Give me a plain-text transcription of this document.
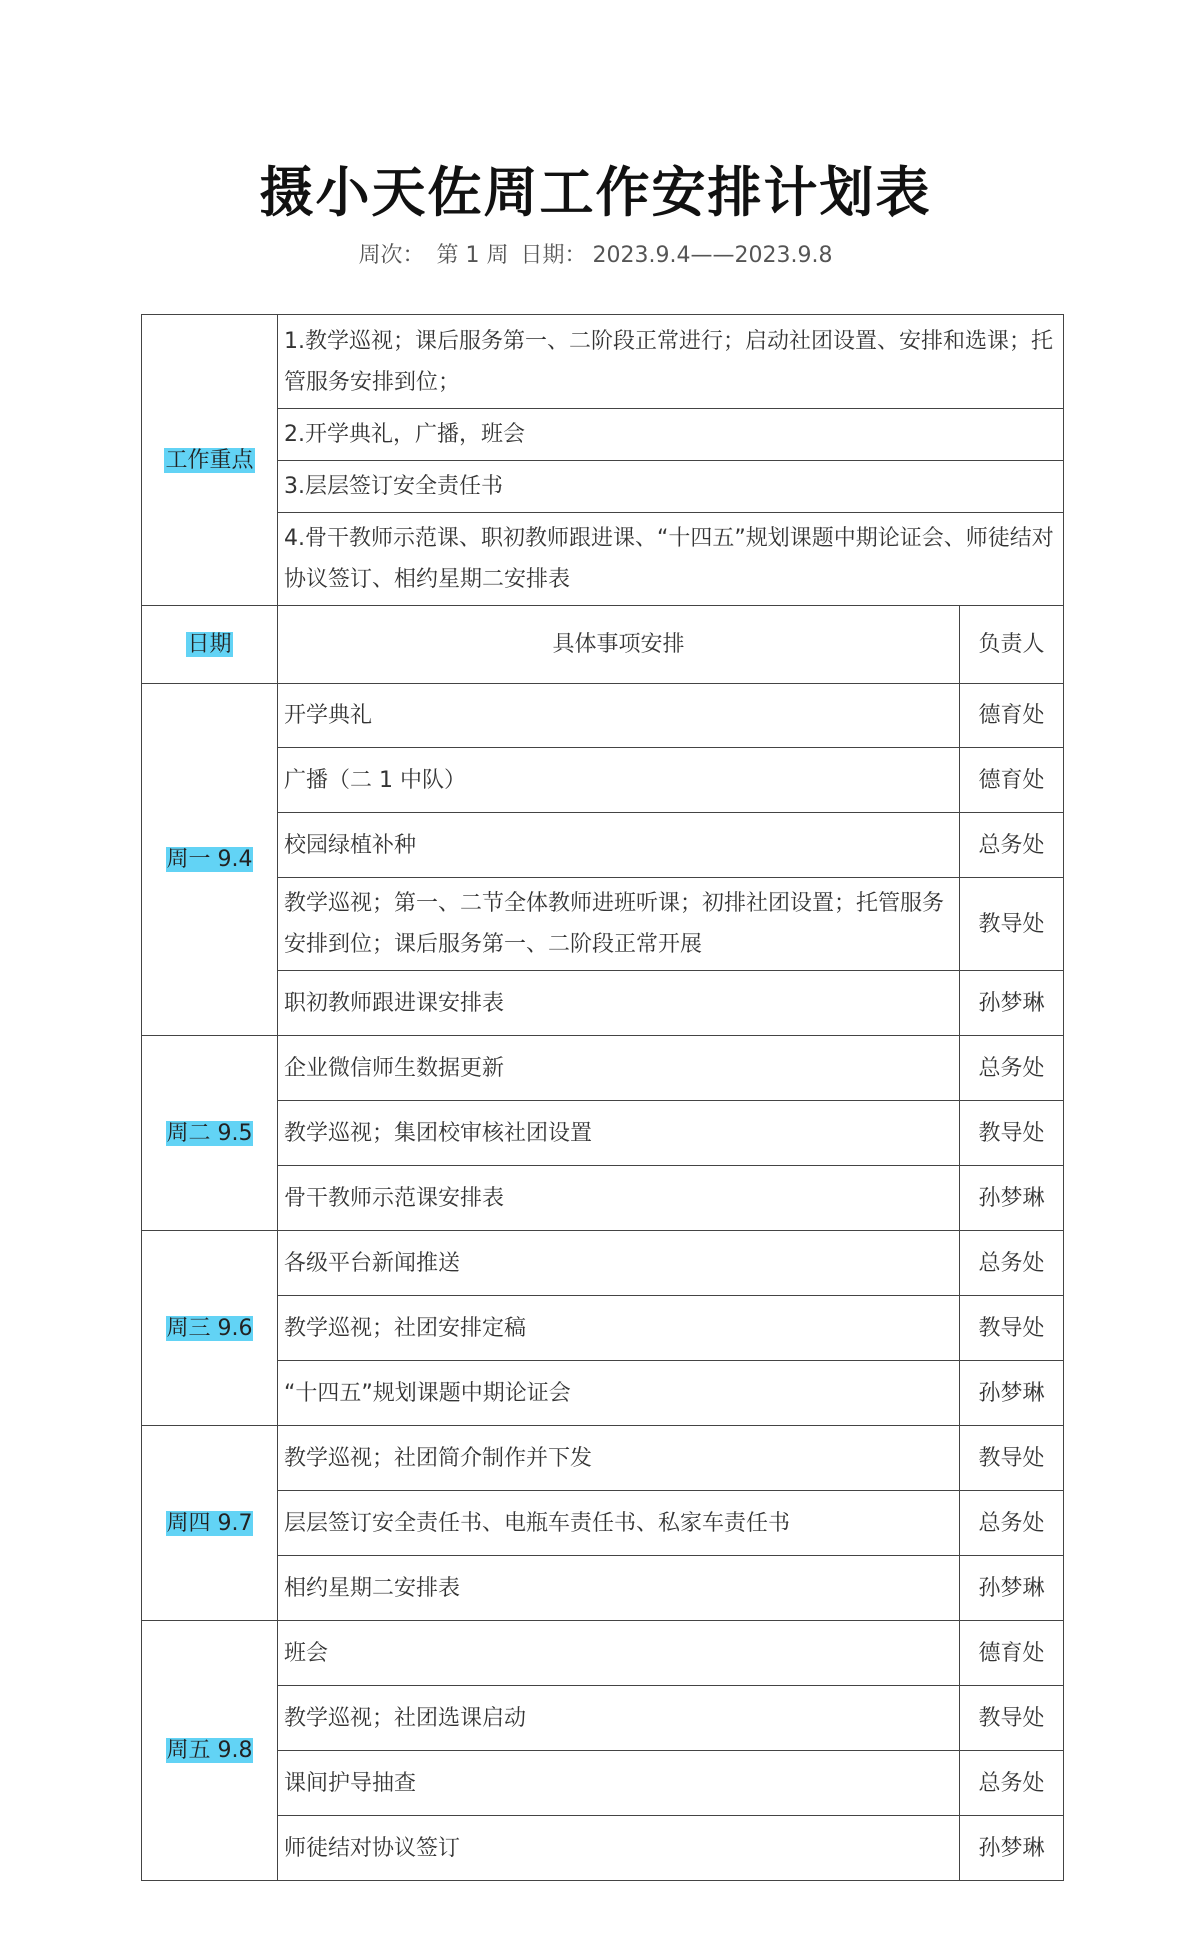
摄小天佐周工作安排计划表
周次： 第 1 周 日期： 2023.9.4——2023.9.8
工作重点	1.教学巡视；课后服务第一、二阶段正常进行；启动社团设置、安排和选课；托管服务安排到位；	
	2.开学典礼，广播，班会	
	3.层层签订安全责任书	
	4.骨干教师示范课、职初教师跟进课、“十四五”规划课题中期论证会、师徒结对协议签订、相约星期二安排表	
日期	具体事项安排	负责人
周一 9.4	开学典礼	德育处
	广播（二 1 中队）	德育处
	校园绿植补种	总务处
	教学巡视；第一、二节全体教师进班听课；初排社团设置；托管服务安排到位；课后服务第一、二阶段正常开展	教导处
	职初教师跟进课安排表	孙梦琳
周二 9.5	企业微信师生数据更新	总务处
	教学巡视；集团校审核社团设置	教导处
	骨干教师示范课安排表	孙梦琳
周三 9.6	各级平台新闻推送	总务处
	教学巡视；社团安排定稿	教导处
	“十四五”规划课题中期论证会	孙梦琳
周四 9.7	教学巡视；社团简介制作并下发	教导处
	层层签订安全责任书、电瓶车责任书、私家车责任书	总务处
	相约星期二安排表	孙梦琳
周五 9.8	班会	德育处
	教学巡视；社团选课启动	教导处
	课间护导抽查	总务处
	师徒结对协议签订	孙梦琳
